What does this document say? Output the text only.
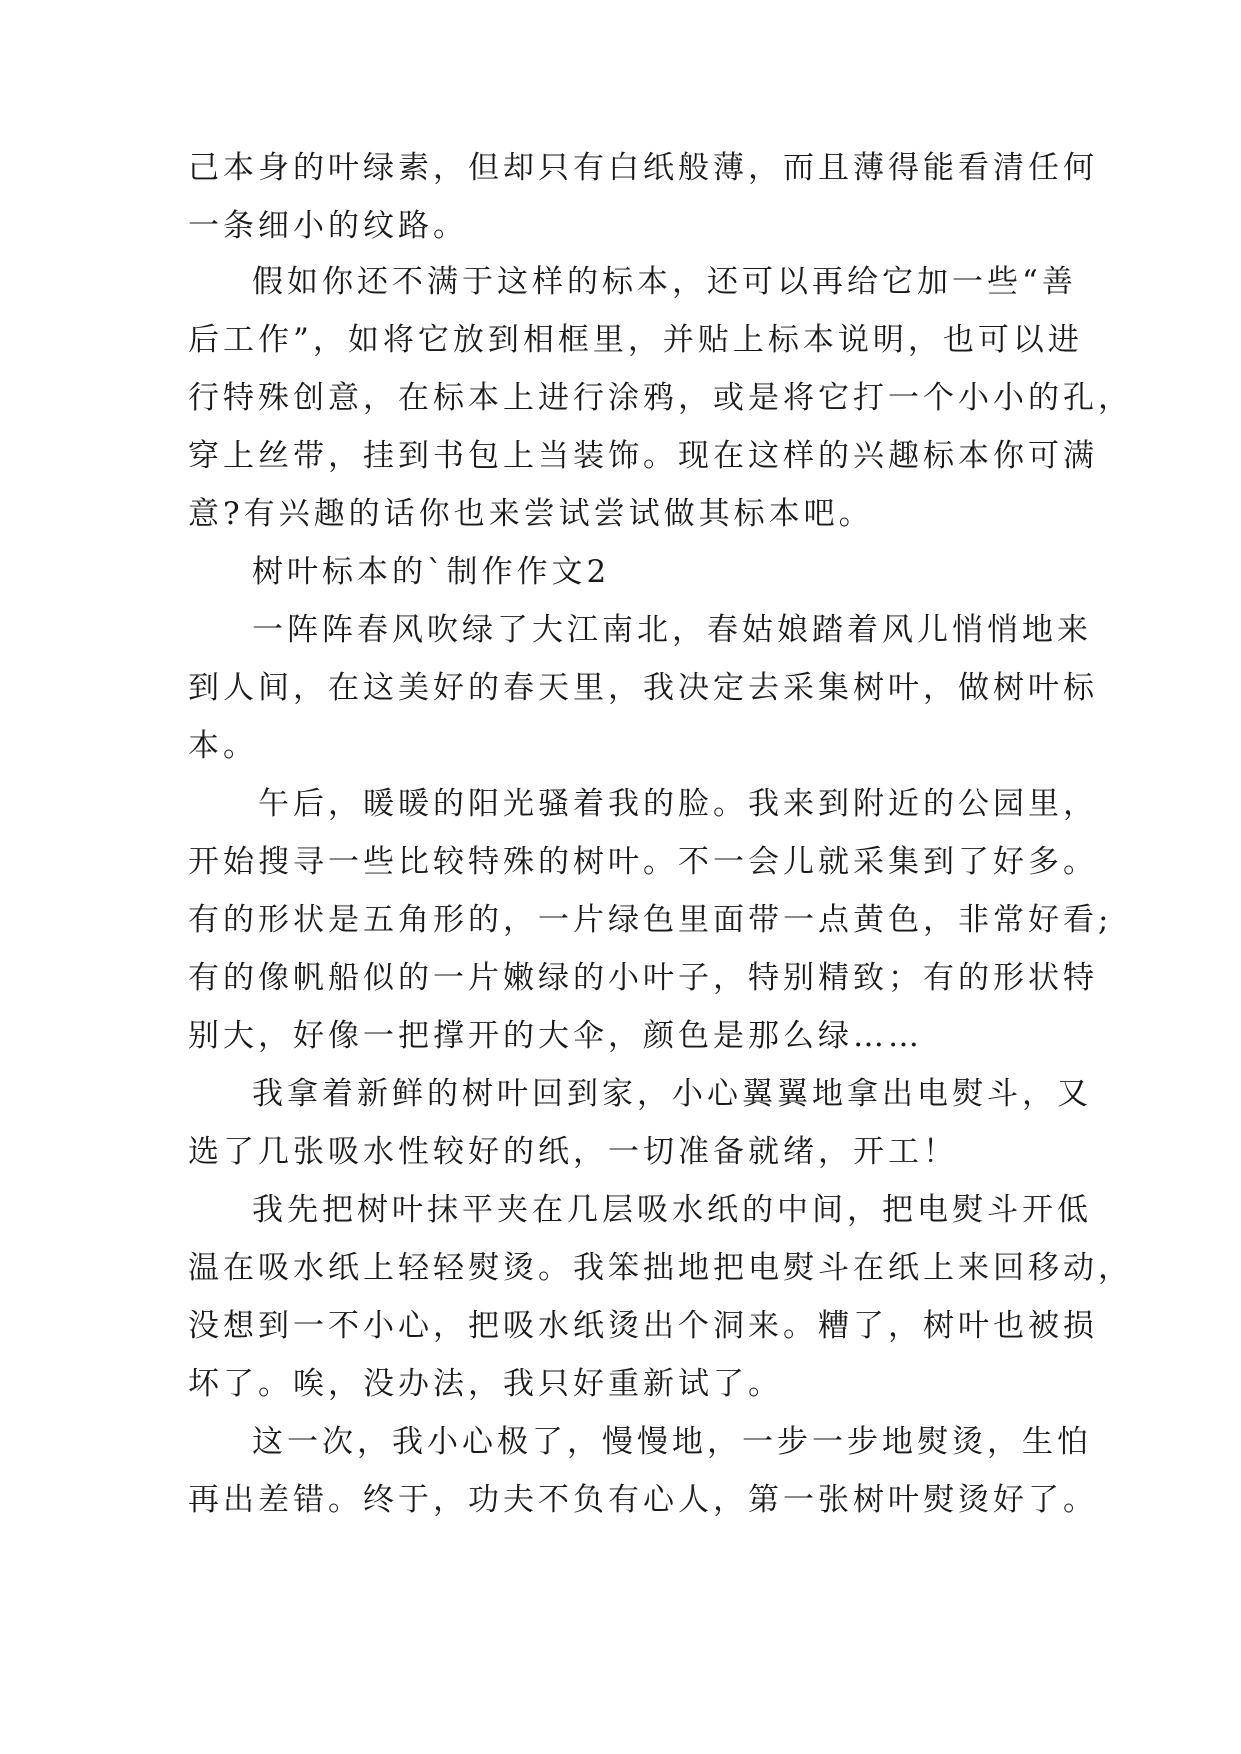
己本身的叶绿素，但却只有白纸般薄，而且薄得能看清任何
一条细小的纹路。
假如你还不满于这样的标本，还可以再给它加一些“善
后工作”，如将它放到相框里，并贴上标本说明，也可以进
行特殊创意，在标本上进行涂鸦，或是将它打一个小小的孔，
穿上丝带，挂到书包上当装饰。现在这样的兴趣标本你可满
意?有兴趣的话你也来尝试尝试做其标本吧。
树叶标本的`制作作文2
一阵阵春风吹绿了大江南北，春姑娘踏着风儿悄悄地来
到人间，在这美好的春天里，我决定去采集树叶，做树叶标
本。
午后，暖暖的阳光骚着我的脸。我来到附近的公园里，
开始搜寻一些比较特殊的树叶。不一会儿就采集到了好多。
有的形状是五角形的，一片绿色里面带一点黄色，非常好看;
有的像帆船似的一片嫩绿的小叶子，特别精致；有的形状特
别大，好像一把撑开的大伞，颜色是那么绿……
我拿着新鲜的树叶回到家，小心翼翼地拿出电熨斗，又
选了几张吸水性较好的纸，一切准备就绪，开工！
我先把树叶抹平夹在几层吸水纸的中间，把电熨斗开低
温在吸水纸上轻轻熨烫。我笨拙地把电熨斗在纸上来回移动，
没想到一不小心，把吸水纸烫出个洞来。糟了，树叶也被损
坏了。唉，没办法，我只好重新试了。
这一次，我小心极了，慢慢地，一步一步地熨烫，生怕
再出差错。终于，功夫不负有心人，第一张树叶熨烫好了。
